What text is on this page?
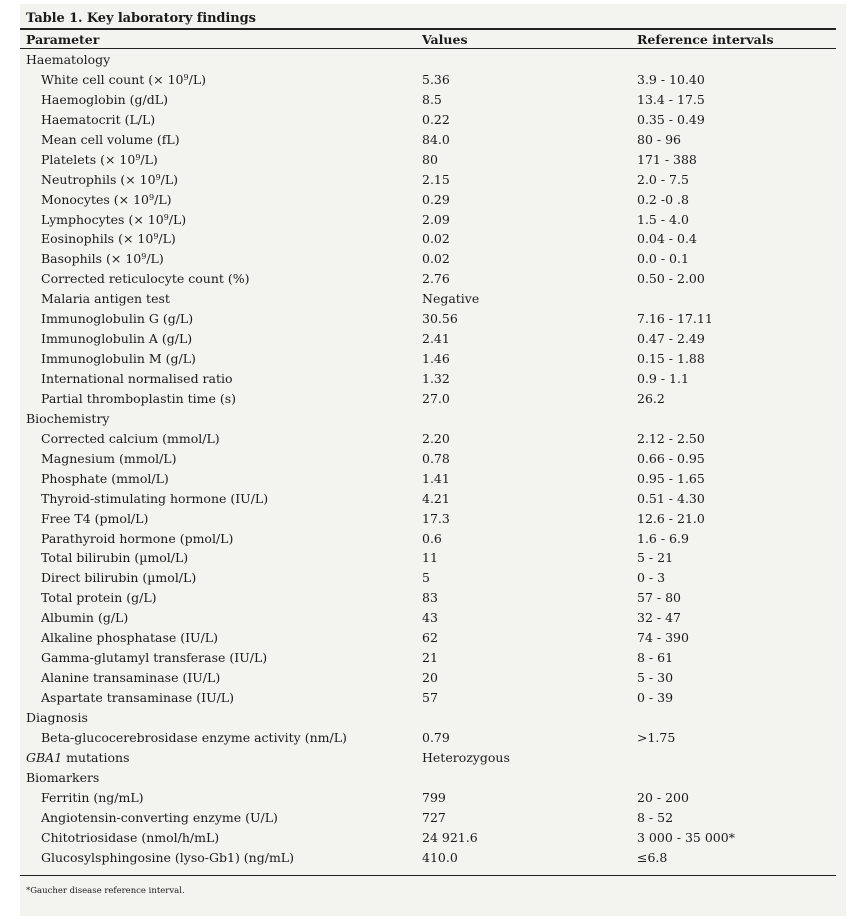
Table 1. Key laboratory findings
Parameter	Values	Reference intervals
Haematology
White cell count (× $10^9/L$)	5.36	3.9 - 10.40
Haemoglobin (g/dL)	8.5	13.4 - 17.5
Haematocrit (L/L)	0.22	0.35 - 0.49
Mean cell volume (fL)	84.0	80 - 96
Platelets (× $10^9/L$)	80	171 - 388
Neutrophils (× $10^9/L$)	2.15	2.0 - 7.5
Monocytes (× $10^9/L$)	0.29	0.2 -0 .8
Lymphocytes (× $10^9/L$)	2.09	1.5 - 4.0
Eosinophils (× $10^9/L$)	0.02	0.04 - 0.4
Basophils (× $10^9/L$)	0.02	0.0 - 0.1
Corrected reticulocyte count (%)	2.76	0.50 - 2.00
Malaria antigen test	Negative
Immunoglobulin G (g/L)	30.56	7.16 - 17.11
Immunoglobulin A (g/L)	2.41	0.47 - 2.49
Immunoglobulin M (g/L)	1.46	0.15 - 1.88
International normalised ratio	1.32	0.9 - 1.1
Partial thromboplastin time (s)	27.0	26.2
Biochemistry
Corrected calcium (mmol/L)	2.20	2.12 - 2.50
Magnesium (mmol/L)	0.78	0.66 - 0.95
Phosphate (mmol/L)	1.41	0.95 - 1.65
Thyroid-stimulating hormone (IU/L)	4.21	0.51 - 4.30
Free T4 (pmol/L)	17.3	12.6 - 21.0
Parathyroid hormone (pmol/L)	0.6	1.6 - 6.9
Total bilirubin (µmol/L)	11	5 - 21
Direct bilirubin (µmol/L)	5	0 - 3
Total protein (g/L)	83	57 - 80
Albumin (g/L)	43	32 - 47
Alkaline phosphatase (IU/L)	62	74 - 390
Gamma-glutamyl transferase (IU/L)	21	8 - 61
Alanine transaminase (IU/L)	20	5 - 30
Aspartate transaminase (IU/L)	57	0 - 39
Diagnosis
Beta-glucocerebrosidase enzyme activity (nm/L)	0.79	>1.75
GBA1 mutations	Heterozygous
Biomarkers
Ferritin (ng/mL)	799	20 - 200
Angiotensin-converting enzyme (U/L)	727	8 - 52
Chitotriosidase (nmol/h/mL)	24 921.6	3 000 - 35 000*
Glucosylsphingosine (lyso-Gb1) (ng/mL)	410.0	≤6.8
*Gaucher disease reference interval.
